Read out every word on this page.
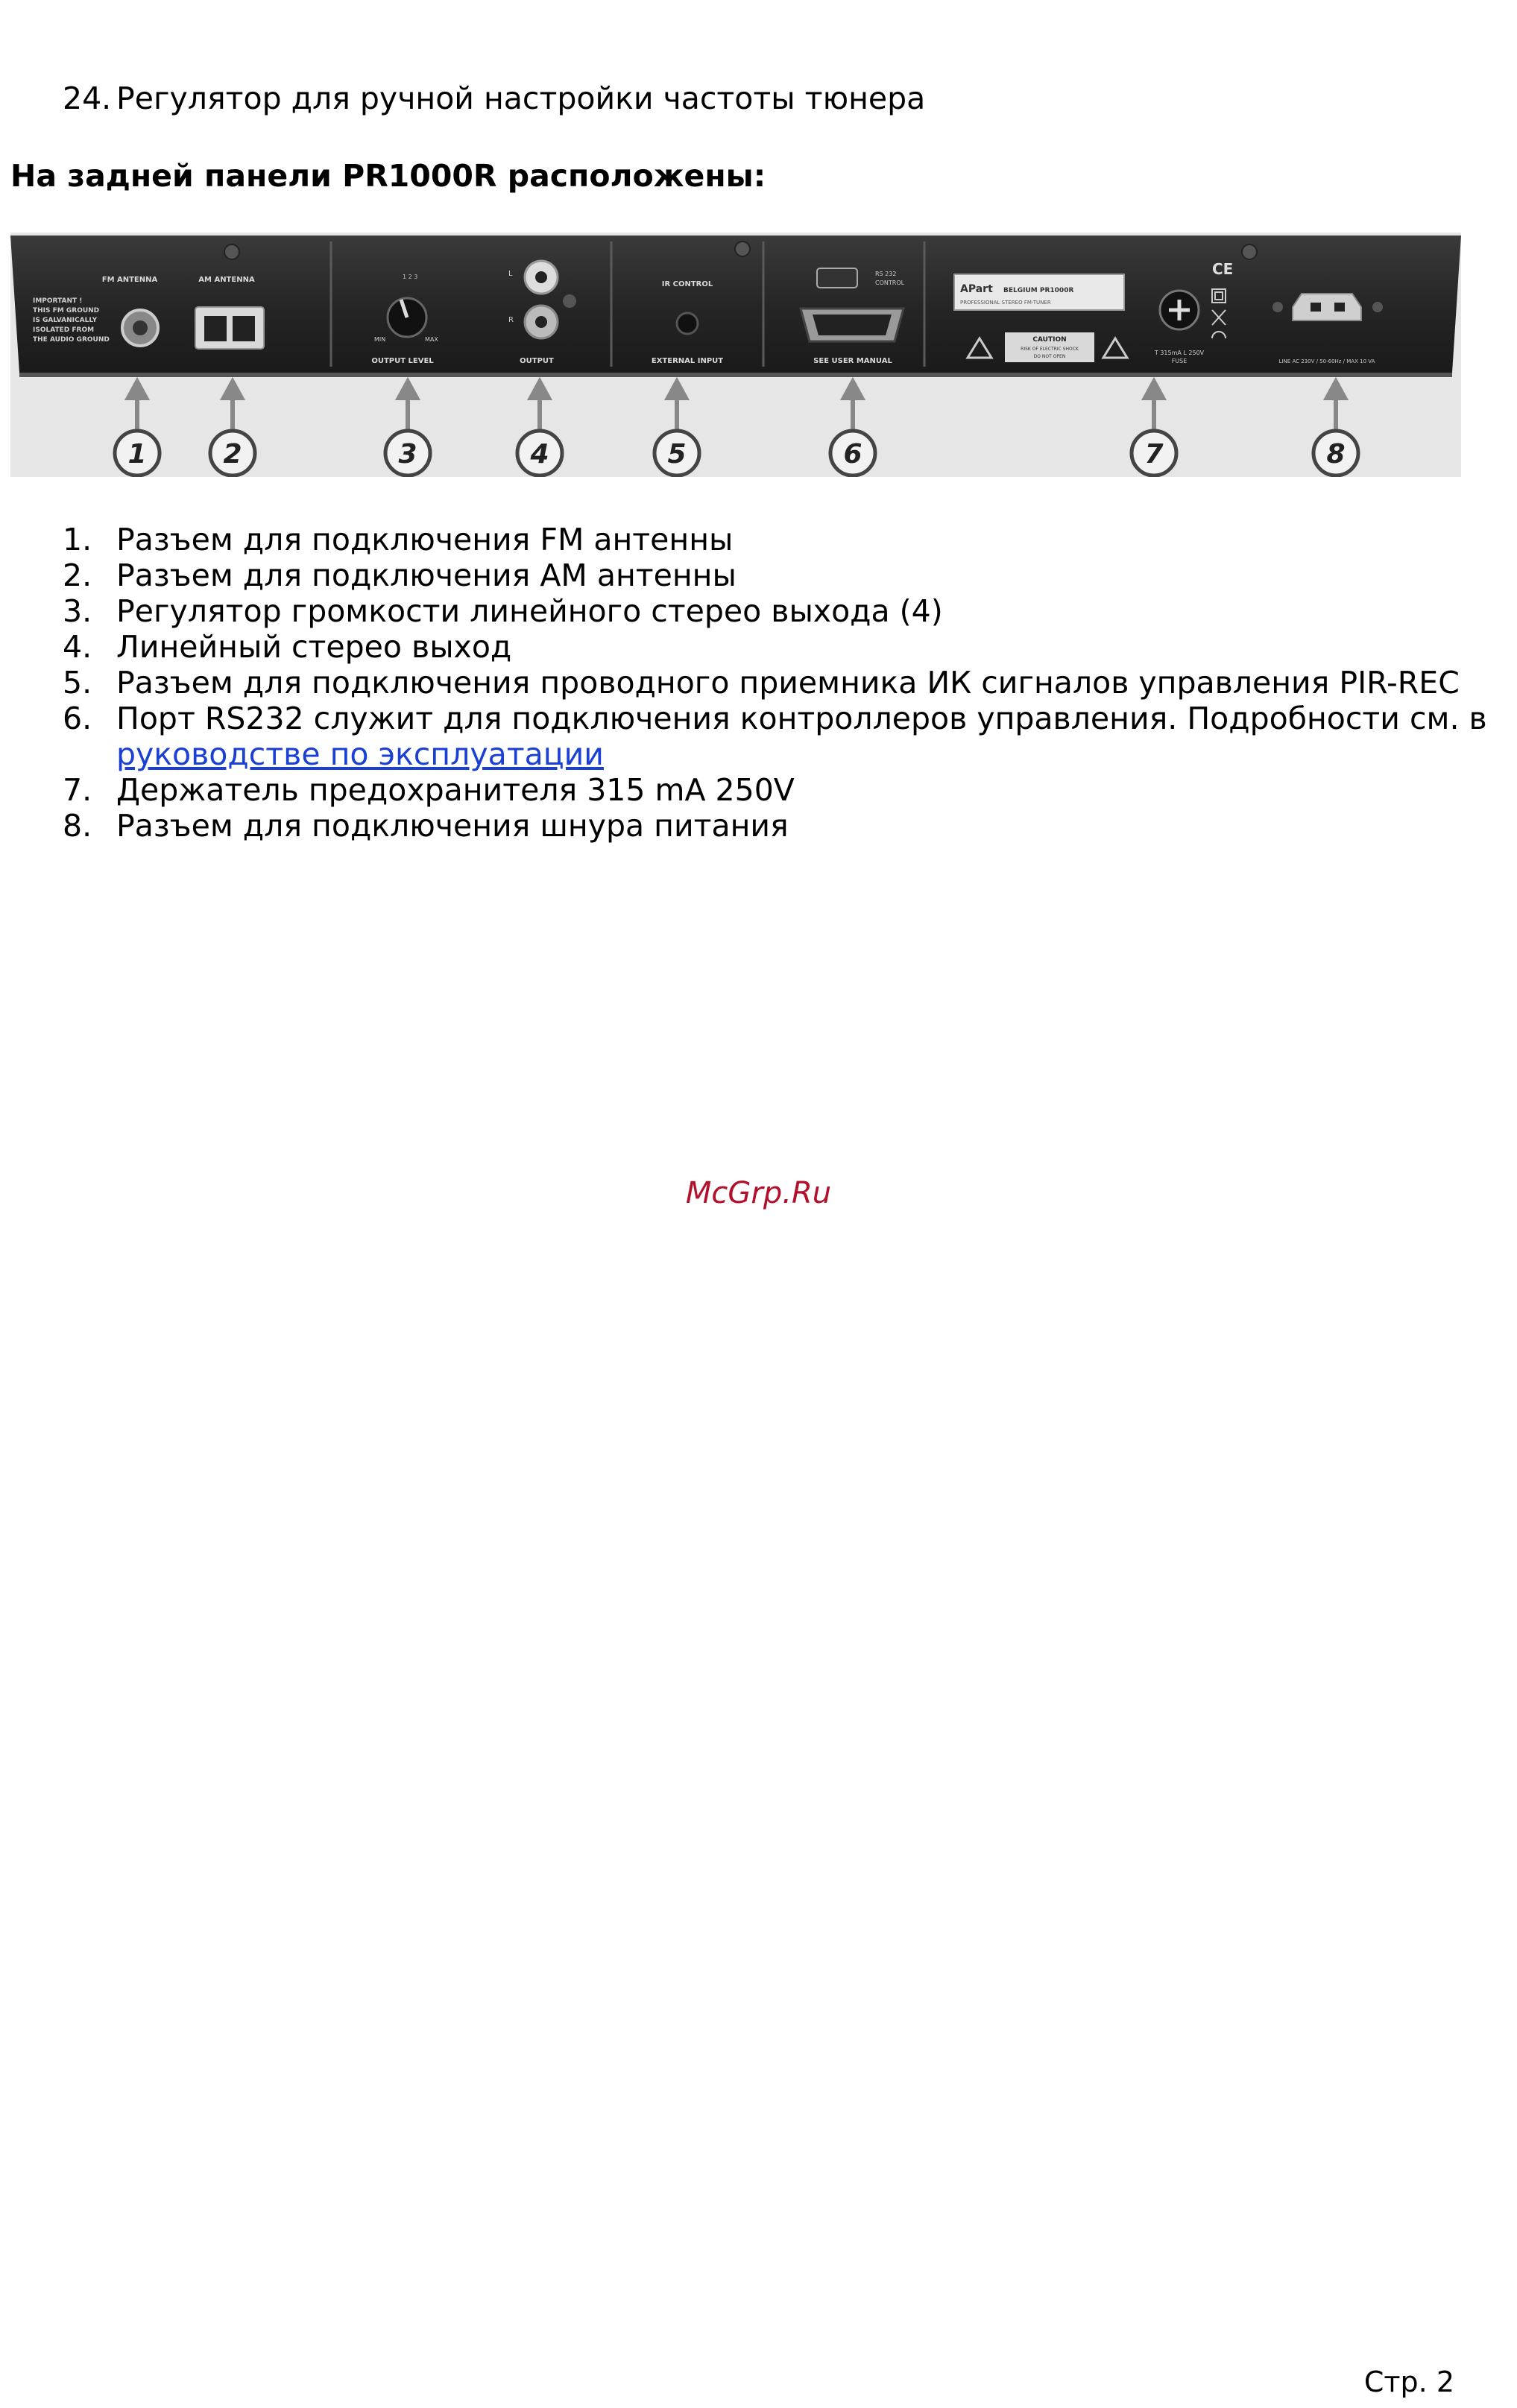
24. Регулятор для ручной настройки частоты тюнера
На задней панели PR1000R расположены:
IMPORTANT !
THIS FM GROUND
IS GALVANICALLY
ISOLATED FROM
THE AUDIO GROUND
FM ANTENNA	AM ANTENNA	1 2 3
MIN	MAX
OUTPUT LEVEL
L
R
OUTPUT
IR CONTROL
EXTERNAL INPUT
RS 232
CONTROL
SEE USER MANUAL
APart BELGIUM PR1000R
PROFESSIONAL STEREO FM-TUNER
CAUTION
RISK OF ELECTRIC SHOCK
DO NOT OPEN
T 315mA L 250V
FUSE
CE
LINE AC 230V / 50-60Hz / MAX 10 VA
1	2	3	4	5	6	7	8
1. Разъем для подключения FM антенны
2. Разъем для подключения AM антенны
3. Регулятор громкости линейного стерео выхода (4)
4. Линейный стерео выход
5. Разъем для подключения проводного приемника ИК сигналов управления PIR-REC
6. Порт RS232 служит для подключения контроллеров управления. Подробности см. в руководстве по эксплуатации
7. Держатель предохранителя 315 mA 250V
8. Разъем для подключения шнура питания
McGrp.Ru
Стр. 2
